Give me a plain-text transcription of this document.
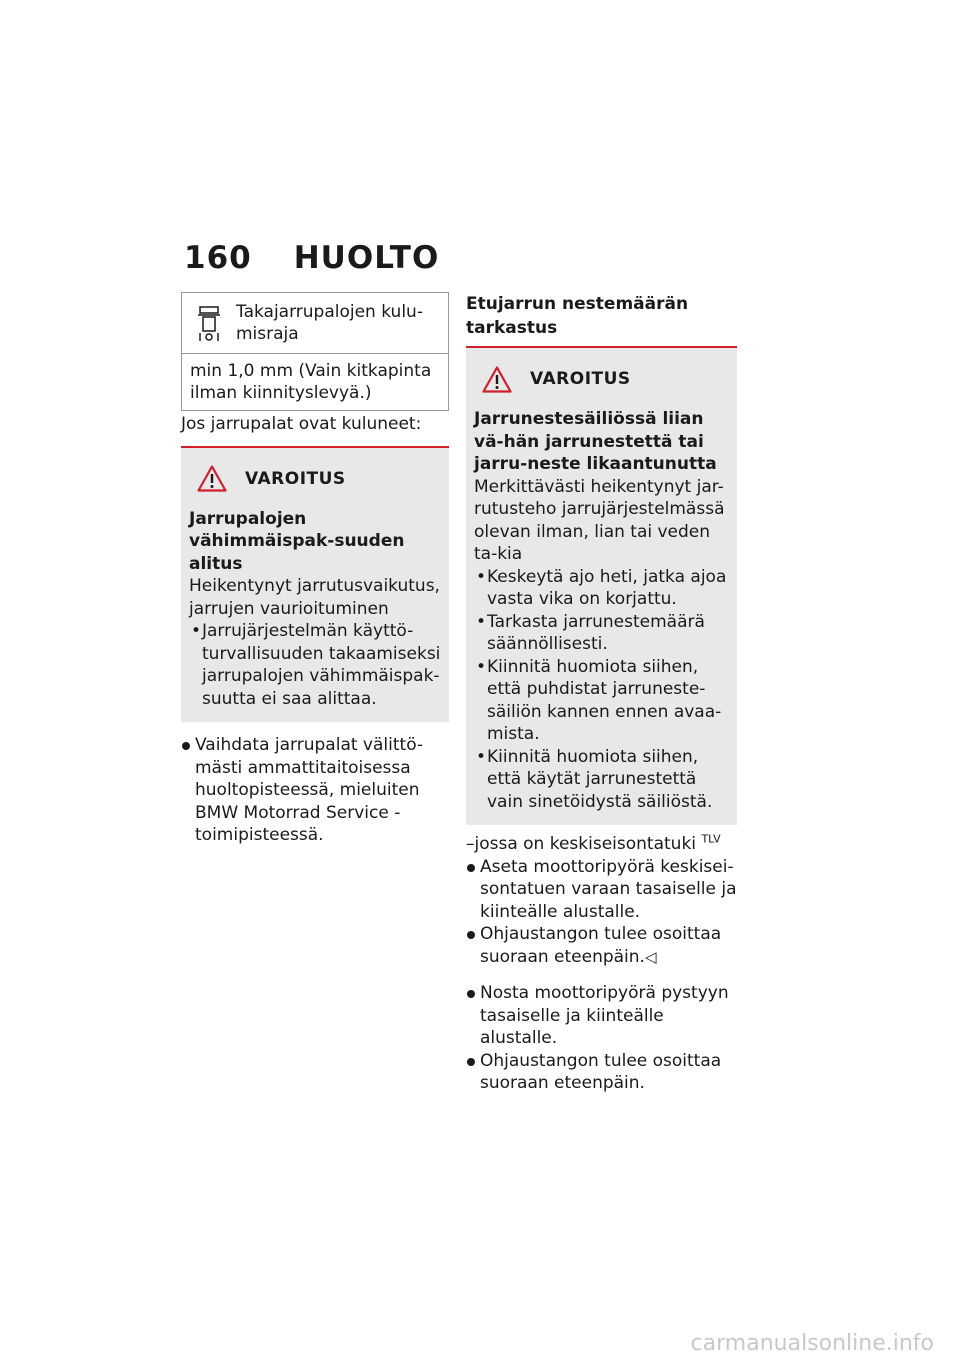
160 HUOLTO
Takajarrupalojen kulu-misraja
min 1,0 mm (Vain kitkapinta ilman kiinnityslevyä.)
Jos jarrupalat ovat kuluneet:
VAROITUS
Jarrupalojen vähimmäispak-suuden alitus
Heikentynyt jarrutusvaikutus, jarrujen vaurioituminen
• Jarrujärjestelmän käyttö-turvallisuuden takaamiseksi jarrupalojen vähimmäispak-suutta ei saa alittaa.
Vaihdata jarrupalat välittö-mästi ammattitaitoisessa huoltopisteessä, mieluiten BMW Motorrad Service -toimipisteessä.
Etujarrun nestemäärän tarkastus
VAROITUS
Jarrunestesäiliössä liian vä-hän jarrunestettä tai jarru-neste likaantunutta
Merkittävästi heikentynyt jar-rutusteho jarrujärjestelmässä olevan ilman, lian tai veden ta-kia
• Keskeytä ajo heti, jatka ajoa vasta vika on korjattu.
• Tarkasta jarrunestemäärä säännöllisesti.
• Kiinnitä huomiota siihen, että puhdistat jarruneste-säiliön kannen ennen avaa-mista.
• Kiinnitä huomiota siihen, että käytät jarrunestettä vain sinetöidystä säiliöstä.
–jossa on keskiseisontatuki $^{TLV}$
Aseta moottoripyörä keskisei-sontatuen varaan tasaiselle ja kiinteälle alustalle.
Ohjaustangon tulee osoittaa suoraan eteenpäin.◁
Nosta moottoripyörä pystyyn tasaiselle ja kiinteälle alustalle.
Ohjaustangon tulee osoittaa suoraan eteenpäin.
carmanualsonline.info
